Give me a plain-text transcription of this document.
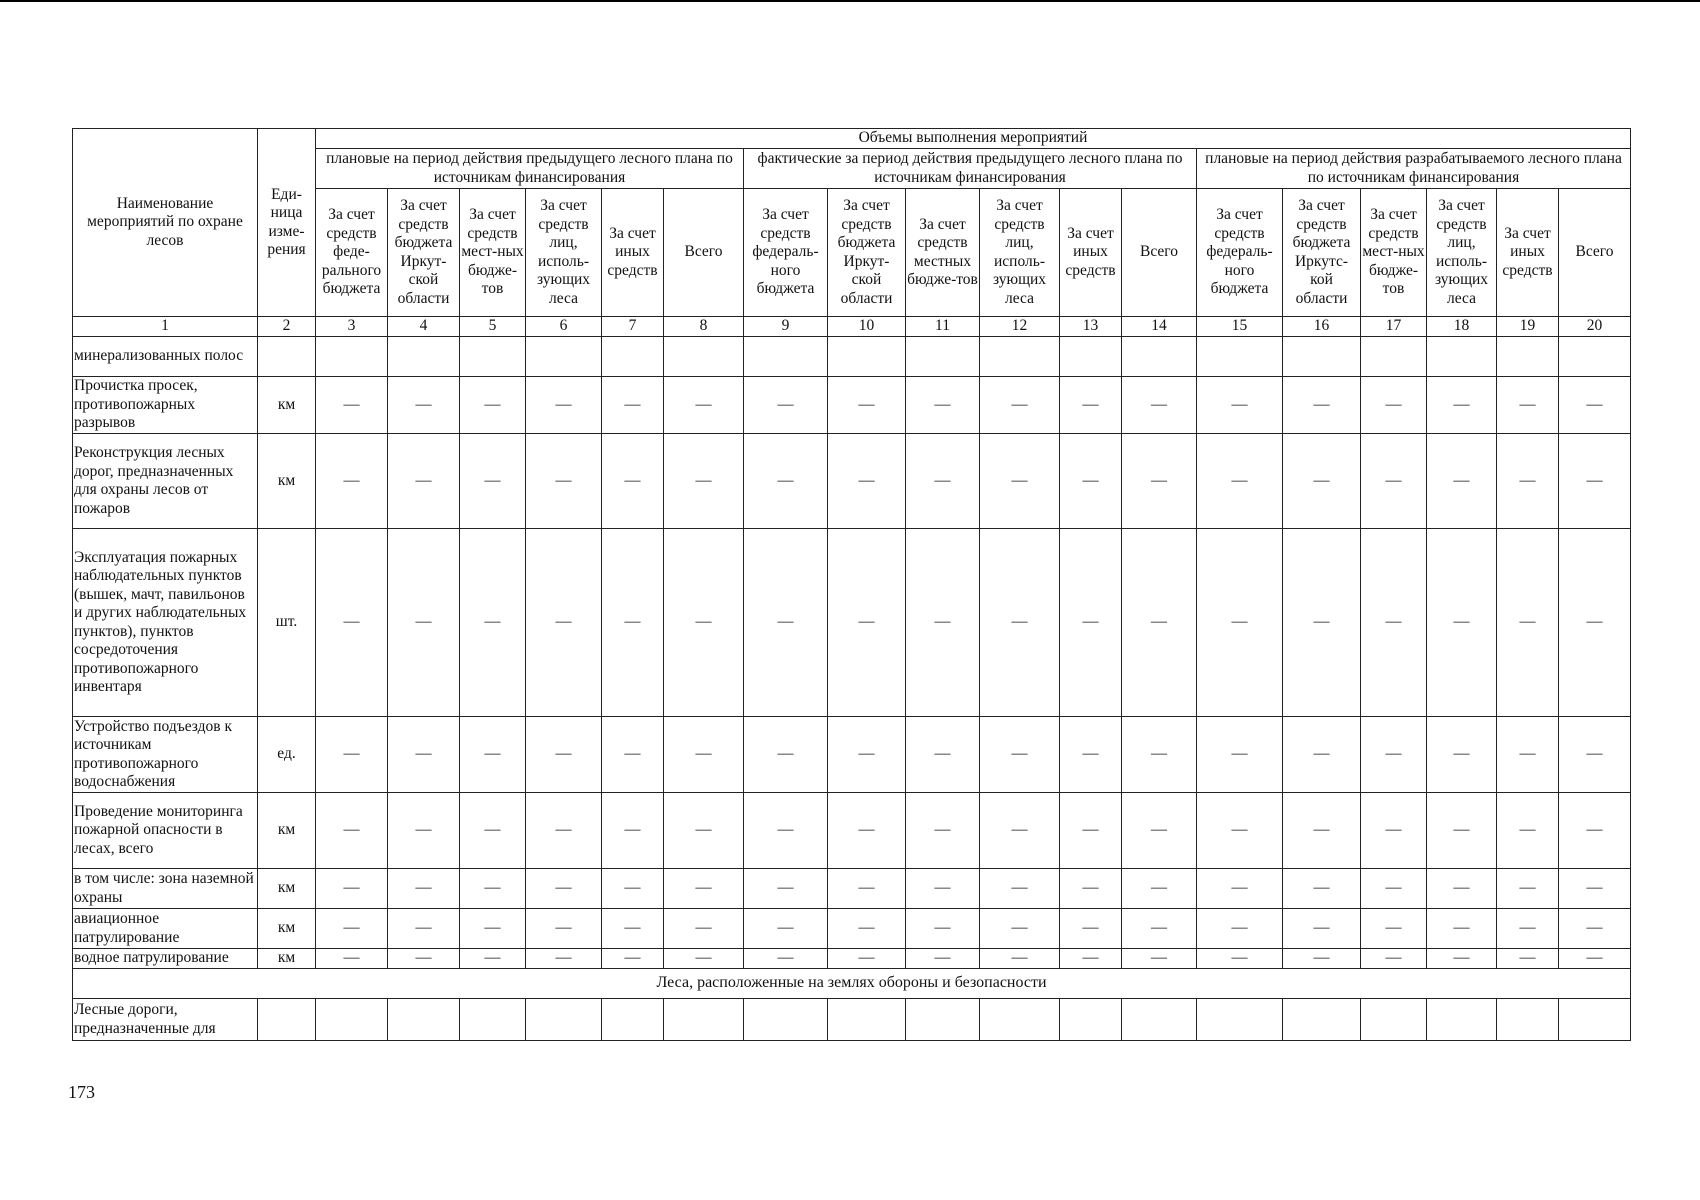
Наименование мероприятий по охране лесов	Еди-ница изме-рения	Объемы выполнения мероприятий																	
		плановые на период действия предыдущего лесного плана по источникам финансирования						фактические за период действия предыдущего лесного плана по источникам финансирования						плановые на период действия разрабатываемого лесного плана по источникам финансирования					
		За счет средств феде-рального бюджета	За счет средств бюджета Иркут-ской области	За счет средств мест-ных бюдже-тов	За счет средств лиц, исполь-зующих леса	За счет иных средств	Всего	За счет средств федераль-ного бюджета	За счет средств бюджета Иркут-ской области	За счет средств местных бюдже-тов	За счет средств лиц, исполь-зующих леса	За счет иных средств	Всего	За счет средств федераль-ного бюджета	За счет средств бюджета Иркутс-кой области	За счет средств мест-ных бюдже-тов	За счет средств лиц, исполь-зующих леса	За счет иных средств	Всего
1	2	3	4	5	6	7	8	9	10	11	12	13	14	15	16	17	18	19	20
минерализованных полос																			
Прочистка просек, противопожарных разрывов	км	—	—	—	—	—	—	—	—	—	—	—	—	—	—	—	—	—	—
Реконструкция лесных дорог, предназначенных для охраны лесов от пожаров	км	—	—	—	—	—	—	—	—	—	—	—	—	—	—	—	—	—	—
Эксплуатация пожарных наблюдательных пунктов (вышек, мачт, павильонов и других наблюдательных пунктов), пунктов сосредоточения противопожарного инвентаря	шт.	—	—	—	—	—	—	—	—	—	—	—	—	—	—	—	—	—	—
Устройство подъездов к источникам противопожарного водоснабжения	ед.	—	—	—	—	—	—	—	—	—	—	—	—	—	—	—	—	—	—
Проведение мониторинга пожарной опасности в лесах, всего	км	—	—	—	—	—	—	—	—	—	—	—	—	—	—	—	—	—	—
в том числе: зона наземной охраны	км	—	—	—	—	—	—	—	—	—	—	—	—	—	—	—	—	—	—
авиационное патрулирование	км	—	—	—	—	—	—	—	—	—	—	—	—	—	—	—	—	—	—
водное патрулирование	км	—	—	—	—	—	—	—	—	—	—	—	—	—	—	—	—	—	—
Леса, расположенные на землях обороны и безопасности																			
Лесные дороги, предназначенные для																			
173
